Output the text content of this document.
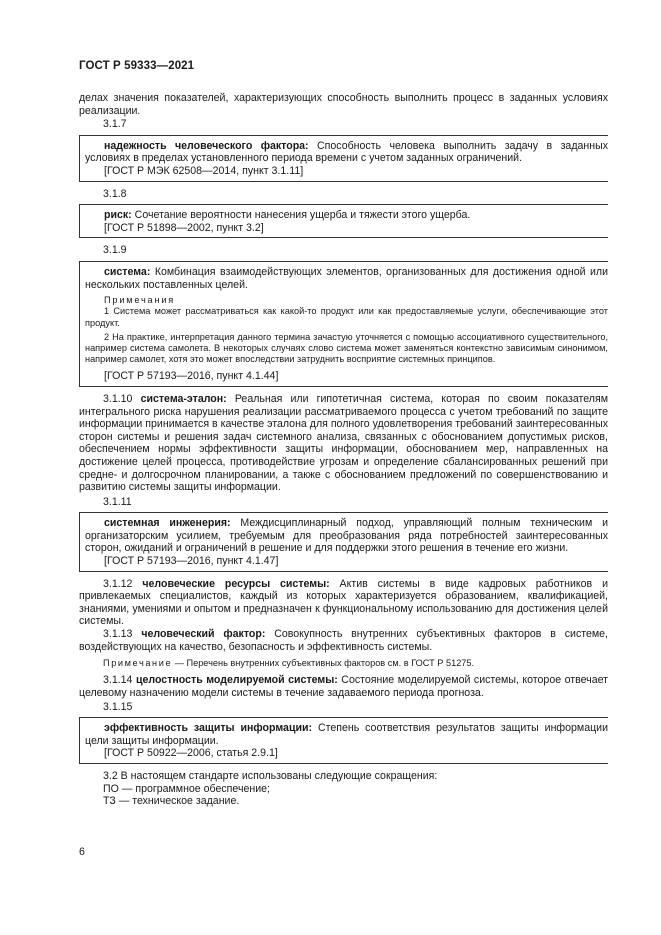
ГОСТ Р 59333—2021

делах значения показателей, характеризующих способность выполнить процесс в заданных условиях реализации.

3.1.7

надежность человеческого фактора: Способность человека выполнить задачу в заданных условиях в пределах установленного периода времени с учетом заданных ограничений.

[ГОСТ Р МЭК 62508—2014, пункт 3.1.11]
3.1.8

риск: Сочетание вероятности нанесения ущерба и тяжести этого ущерба.

[ГОСТ Р 51898—2002, пункт 3.2]
3.1.9

система: Комбинация взаимодействующих элементов, организованных для достижения одной или нескольких поставленных целей.

Примечания

1 Система может рассматриваться как какой-то продукт или как предоставляемые услуги, обеспечивающие этот продукт.

2 На практике, интерпретация данного термина зачастую уточняется с помощью ассоциативного существительного, например система самолета. В некоторых случаях слово система может заменяться контекстно зависимым синонимом, например самолет, хотя это может впоследствии затруднить восприятие системных принципов.

[ГОСТ Р 57193—2016, пункт 4.1.44]

3.1.10 система-эталон: Реальная или гипотетичная система, которая по своим показателям интегрального риска нарушения реализации рассматриваемого процесса с учетом требований по защите информации принимается в качестве эталона для полного удовлетворения требований заинтересованных сторон системы и решения задач системного анализа, связанных с обоснованием допустимых рисков, обеспечением нормы эффективности защиты информации, обоснованием мер, направленных на достижение целей процесса, противодействие угрозам и определение сбалансированных решений при средне- и долгосрочном планировании, а также с обоснованием предложений по совершенствованию и развитию системы защиты информации.

3.1.11

системная инженерия: Междисциплинарный подход, управляющий полным техническим и организаторским усилием, требуемым для преобразования ряда потребностей заинтересованных сторон, ожиданий и ограничений в решение и для поддержки этого решения в течение его жизни.

[ГОСТ Р 57193—2016, пункт 4.1.47]

3.1.12 человеческие ресурсы системы: Актив системы в виде кадровых работников и привлекаемых специалистов, каждый из которых характеризуется образованием, квалификацией, знаниями, умениями и опытом и предназначен к функциональному использованию для достижения целей системы.

3.1.13 человеческий фактор: Совокупность внутренних субъективных факторов в системе, воздействующих на качество, безопасность и эффективность системы.

Примечание — Перечень внутренних субъективных факторов см. в ГОСТ Р 51275.

3.1.14 целостность моделируемой системы: Состояние моделируемой системы, которое отвечает целевому назначению модели системы в течение задаваемого периода прогноза.

3.1.15

эффективность защиты информации: Степень соответствия результатов защиты информации цели защиты информации.

[ГОСТ Р 50922—2006, статья 2.9.1]

3.2 В настоящем стандарте использованы следующие сокращения:

ПО — программное обеспечение;
ТЗ — техническое задание.
6
